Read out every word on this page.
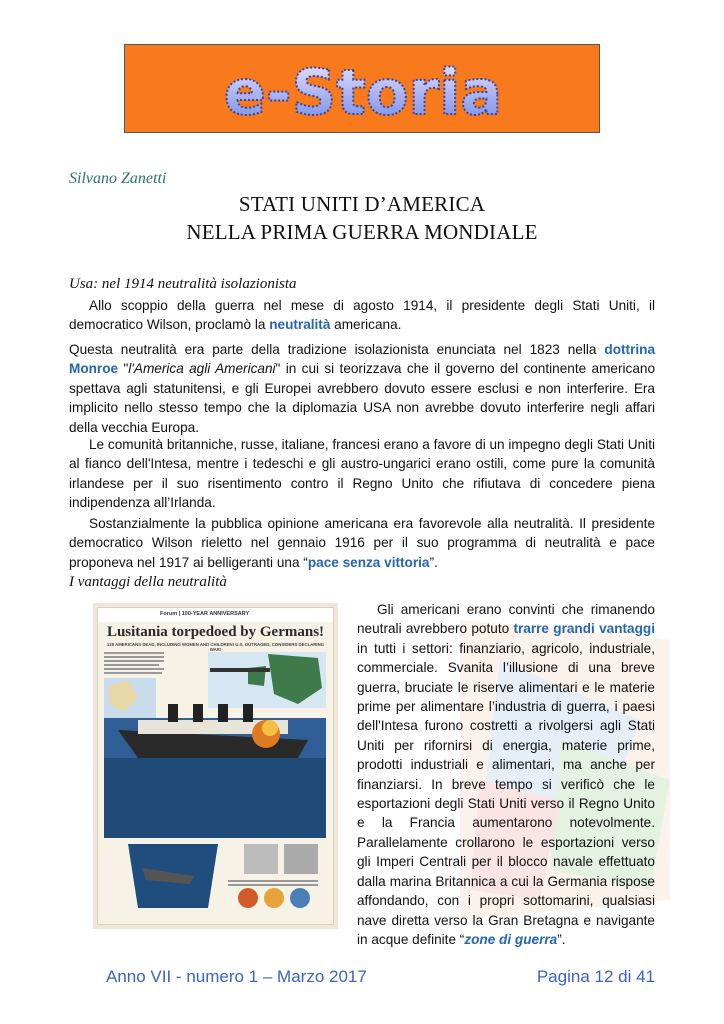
e-Storia
Silvano Zanetti
STATI UNITI D’AMERICA
NELLA PRIMA GUERRA MONDIALE
Usa: nel 1914 neutralità isolazionista
Allo scoppio della guerra nel mese di agosto 1914, il presidente degli Stati Uniti, il democratico Wilson, proclamò la neutralità americana.
Questa neutralità era parte della tradizione isolazionista enunciata nel 1823 nella dottrina Monroe "l'America agli Americani" in cui si teorizzava che il governo del continente americano spettava agli statunitensi, e gli Europei avrebbero dovuto essere esclusi e non interferire. Era implicito nello stesso tempo che la diplomazia USA non avrebbe dovuto interferire negli affari della vecchia Europa.
Le comunità britanniche, russe, italiane, francesi erano a favore di un impegno degli Stati Uniti al fianco dell'Intesa, mentre i tedeschi e gli austro-ungarici erano ostili, come pure la comunità irlandese per il suo risentimento contro il Regno Unito che rifiutava di concedere piena indipendenza all’Irlanda.
Sostanzialmente la pubblica opinione americana era favorevole alla neutralità. Il presidente democratico Wilson rieletto nel gennaio 1916 per il suo programma di neutralità e pace proponeva nel 1917 ai belligeranti una “pace senza vittoria”.
I vantaggi della neutralità
Forum | 100-YEAR ANNIVERSARY
Lusitania torpedoed by Germans!
128 AMERICANS DEAD, INCLUDING WOMEN AND CHILDREN! U.S. OUTRAGED, CONSIDERS DECLARING WAR!
Gli americani erano convinti che rimanendo neutrali avrebbero potuto trarre grandi vantaggi in tutti i settori: finanziario, agricolo, industriale, commerciale. Svanita l’illusione di una breve guerra, bruciate le riserve alimentari e le materie prime per alimentare l’industria di guerra, i paesi dell'Intesa furono costretti a rivolgersi agli Stati Uniti per rifornirsi di energia, materie prime, prodotti industriali e alimentari, ma anche per finanziarsi. In breve tempo si verificò che le esportazioni degli Stati Uniti verso il Regno Unito e la Francia aumentarono notevolmente. Parallelamente crollarono le esportazioni verso gli Imperi Centrali per il blocco navale effettuato dalla marina Britannica a cui la Germania rispose affondando, con i propri sottomarini, qualsiasi nave diretta verso la Gran Bretagna e navigante in acque definite “zone di guerra”.
Anno VII - numero 1 – Marzo 2017	Pagina 12 di 41
